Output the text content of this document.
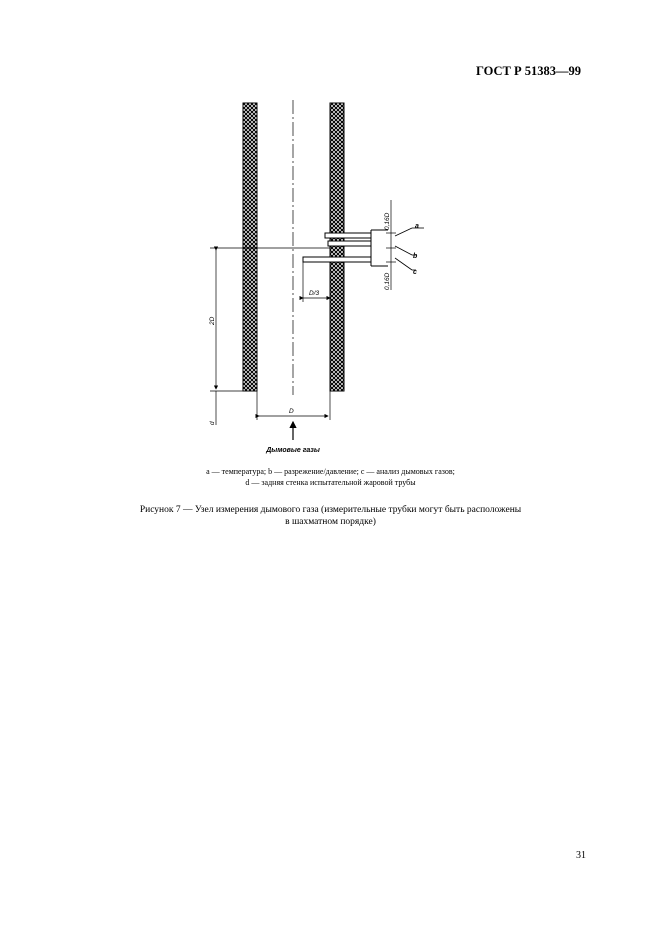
ГОСТ Р 51383—99
0,16D
0,16D
a
b
c
D/3
2D
d
D
Дымовые газы
a — температура; b — разрежение/давление; c — анализ дымовых газов;
d — задняя стенка испытательной жаровой трубы
Рисунок 7 — Узел измерения дымового газа (измерительные трубки могут быть расположены
в шахматном порядке)
31
